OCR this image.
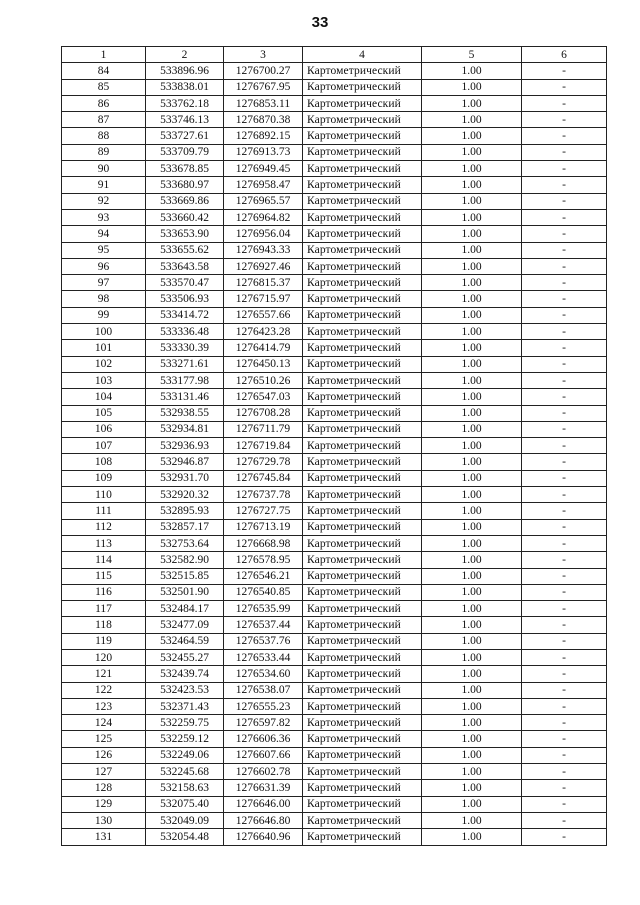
33
1	2	3	4	5	6
84	533896.96	1276700.27	Картометрический	1.00	-
85	533838.01	1276767.95	Картометрический	1.00	-
86	533762.18	1276853.11	Картометрический	1.00	-
87	533746.13	1276870.38	Картометрический	1.00	-
88	533727.61	1276892.15	Картометрический	1.00	-
89	533709.79	1276913.73	Картометрический	1.00	-
90	533678.85	1276949.45	Картометрический	1.00	-
91	533680.97	1276958.47	Картометрический	1.00	-
92	533669.86	1276965.57	Картометрический	1.00	-
93	533660.42	1276964.82	Картометрический	1.00	-
94	533653.90	1276956.04	Картометрический	1.00	-
95	533655.62	1276943.33	Картометрический	1.00	-
96	533643.58	1276927.46	Картометрический	1.00	-
97	533570.47	1276815.37	Картометрический	1.00	-
98	533506.93	1276715.97	Картометрический	1.00	-
99	533414.72	1276557.66	Картометрический	1.00	-
100	533336.48	1276423.28	Картометрический	1.00	-
101	533330.39	1276414.79	Картометрический	1.00	-
102	533271.61	1276450.13	Картометрический	1.00	-
103	533177.98	1276510.26	Картометрический	1.00	-
104	533131.46	1276547.03	Картометрический	1.00	-
105	532938.55	1276708.28	Картометрический	1.00	-
106	532934.81	1276711.79	Картометрический	1.00	-
107	532936.93	1276719.84	Картометрический	1.00	-
108	532946.87	1276729.78	Картометрический	1.00	-
109	532931.70	1276745.84	Картометрический	1.00	-
110	532920.32	1276737.78	Картометрический	1.00	-
111	532895.93	1276727.75	Картометрический	1.00	-
112	532857.17	1276713.19	Картометрический	1.00	-
113	532753.64	1276668.98	Картометрический	1.00	-
114	532582.90	1276578.95	Картометрический	1.00	-
115	532515.85	1276546.21	Картометрический	1.00	-
116	532501.90	1276540.85	Картометрический	1.00	-
117	532484.17	1276535.99	Картометрический	1.00	-
118	532477.09	1276537.44	Картометрический	1.00	-
119	532464.59	1276537.76	Картометрический	1.00	-
120	532455.27	1276533.44	Картометрический	1.00	-
121	532439.74	1276534.60	Картометрический	1.00	-
122	532423.53	1276538.07	Картометрический	1.00	-
123	532371.43	1276555.23	Картометрический	1.00	-
124	532259.75	1276597.82	Картометрический	1.00	-
125	532259.12	1276606.36	Картометрический	1.00	-
126	532249.06	1276607.66	Картометрический	1.00	-
127	532245.68	1276602.78	Картометрический	1.00	-
128	532158.63	1276631.39	Картометрический	1.00	-
129	532075.40	1276646.00	Картометрический	1.00	-
130	532049.09	1276646.80	Картометрический	1.00	-
131	532054.48	1276640.96	Картометрический	1.00	-
